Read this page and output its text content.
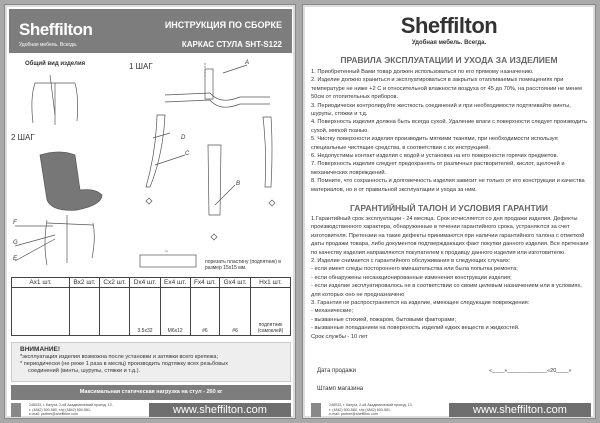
Sheffilton
Удобная мебель. Всегда.
ИНСТРУКЦИЯ ПО СБОРКЕ
КАРКАС СТУЛА SHT-S122
Общий вид изделия	1 ШАГ
2 ШАГ
A
D
C
B
F
G
E
m
порезать пластину (подпятник) в размер 15х15 мм.
Ax1 шт.	Bx2 шт.	Cx2 шт.	Dx4 шт.	Ex4 шт.	Fx4 шт.	Gx4 шт.	Hx1 шт.
			3.5x32	M6x12	#6	#6	подпятник (самоклей)
ВНИМАНИЕ!
*эксплуатация изделия возможна после установки и затяжки всего крепежа;
* периодически (не реже 1 раза в месяц) производить подтяжку всех резьбовых
соединений (винты, шурупы, стяжки и т.д.).
Максимальная статическая нагрузка на стул - 260 кг
248033, г. Калуга, 2-ой Академический проезд, 13,
т. (4842) 500-580, т/ф (4842) 500-581,
e-mail: partner@sheffilton.com	www.sheffilton.com
Sheffilton
Удобная мебель. Всегда.
ПРАВИЛА ЭКСПЛУАТАЦИИ И УХОДА ЗА ИЗДЕЛИЕМ

1. Приобретенный Вами товар должен использоваться по его прямому назначению.

2. Изделие должно храниться и эксплуатироваться в закрытых отапливаемых помещениях при температуре не ниже +2 С и относительной влажности воздуха от 45 до 70%, на расстоянии не менее 50см от отопительных приборов.

3. Периодически контролируйте жесткость соединений и при необходимости подтягивайте винты, шурупы, стяжки и т.д.

4. Поверхность изделия должна быть всегда сухой. Удаление влаги с поверхности следует производить сухой, мягкой тканью.

5. Чистку поверхности изделия производить мягкими тканями, при необходимости используя специальные чистящие средства, в соответствии с их инструкцией.

6. Недопустимы контакт изделия с водой и установка на его поверхности горячих предметов.

7. Поверхность изделия следует предохранять от различных растворителей, кислот, щелочей и механических повреждений.

8. Помните, что сохранность и долговечность изделия зависит не только от его конструкции и качества материалов, но и от правильной эксплуатации и ухода за ним.

ГАРАНТИЙНЫЙ ТАЛОН И УСЛОВИЯ ГАРАНТИИ

1.Гарантийный срок эксплуатации - 24 месяца. Срок исчисляется со дня продажи изделия. Дефекты производственного характера, обнаруженные в течении гарантийного срока, устраняются за счет изготовителя. Претензии на такие дефекты принимаются при наличии гарантийного талона с отметкой даты продажи товара, либо документов подтверждающих факт покупки данного изделия. Все претензии по качеству изделия направляются покупателем к продавцу данного изделия или изготовителю.

2. Изделие снимается с гарантийного обслуживания в следующих случаях:

- если имеет следы постороннего вмешательства или была попытка ремонта;

- если обнаружены несанкционированные изменения конструкции изделия;

- если изделие эксплуатировалось не в соответствии со своим целевым назначением или в условиях, для которых оно не предназначено

3. Гарантия не распространяется на изделие, имеющее следующие повреждения:

- механические;

- вызванные стихией, пожаром, бытовыми факторами;

- вызванные попаданием на поверхность изделий едких веществ и жидкостей.

Срок службы - 10 лет

Дата продажи	«____»_____________«20____»
Штамп магазина
248033, г. Калуга, 2-ой Академический проезд, 13,
т. (4842) 500-580, т/ф (4842) 500-581,
e-mail: partner@sheffilton.com	www.sheffilton.com
